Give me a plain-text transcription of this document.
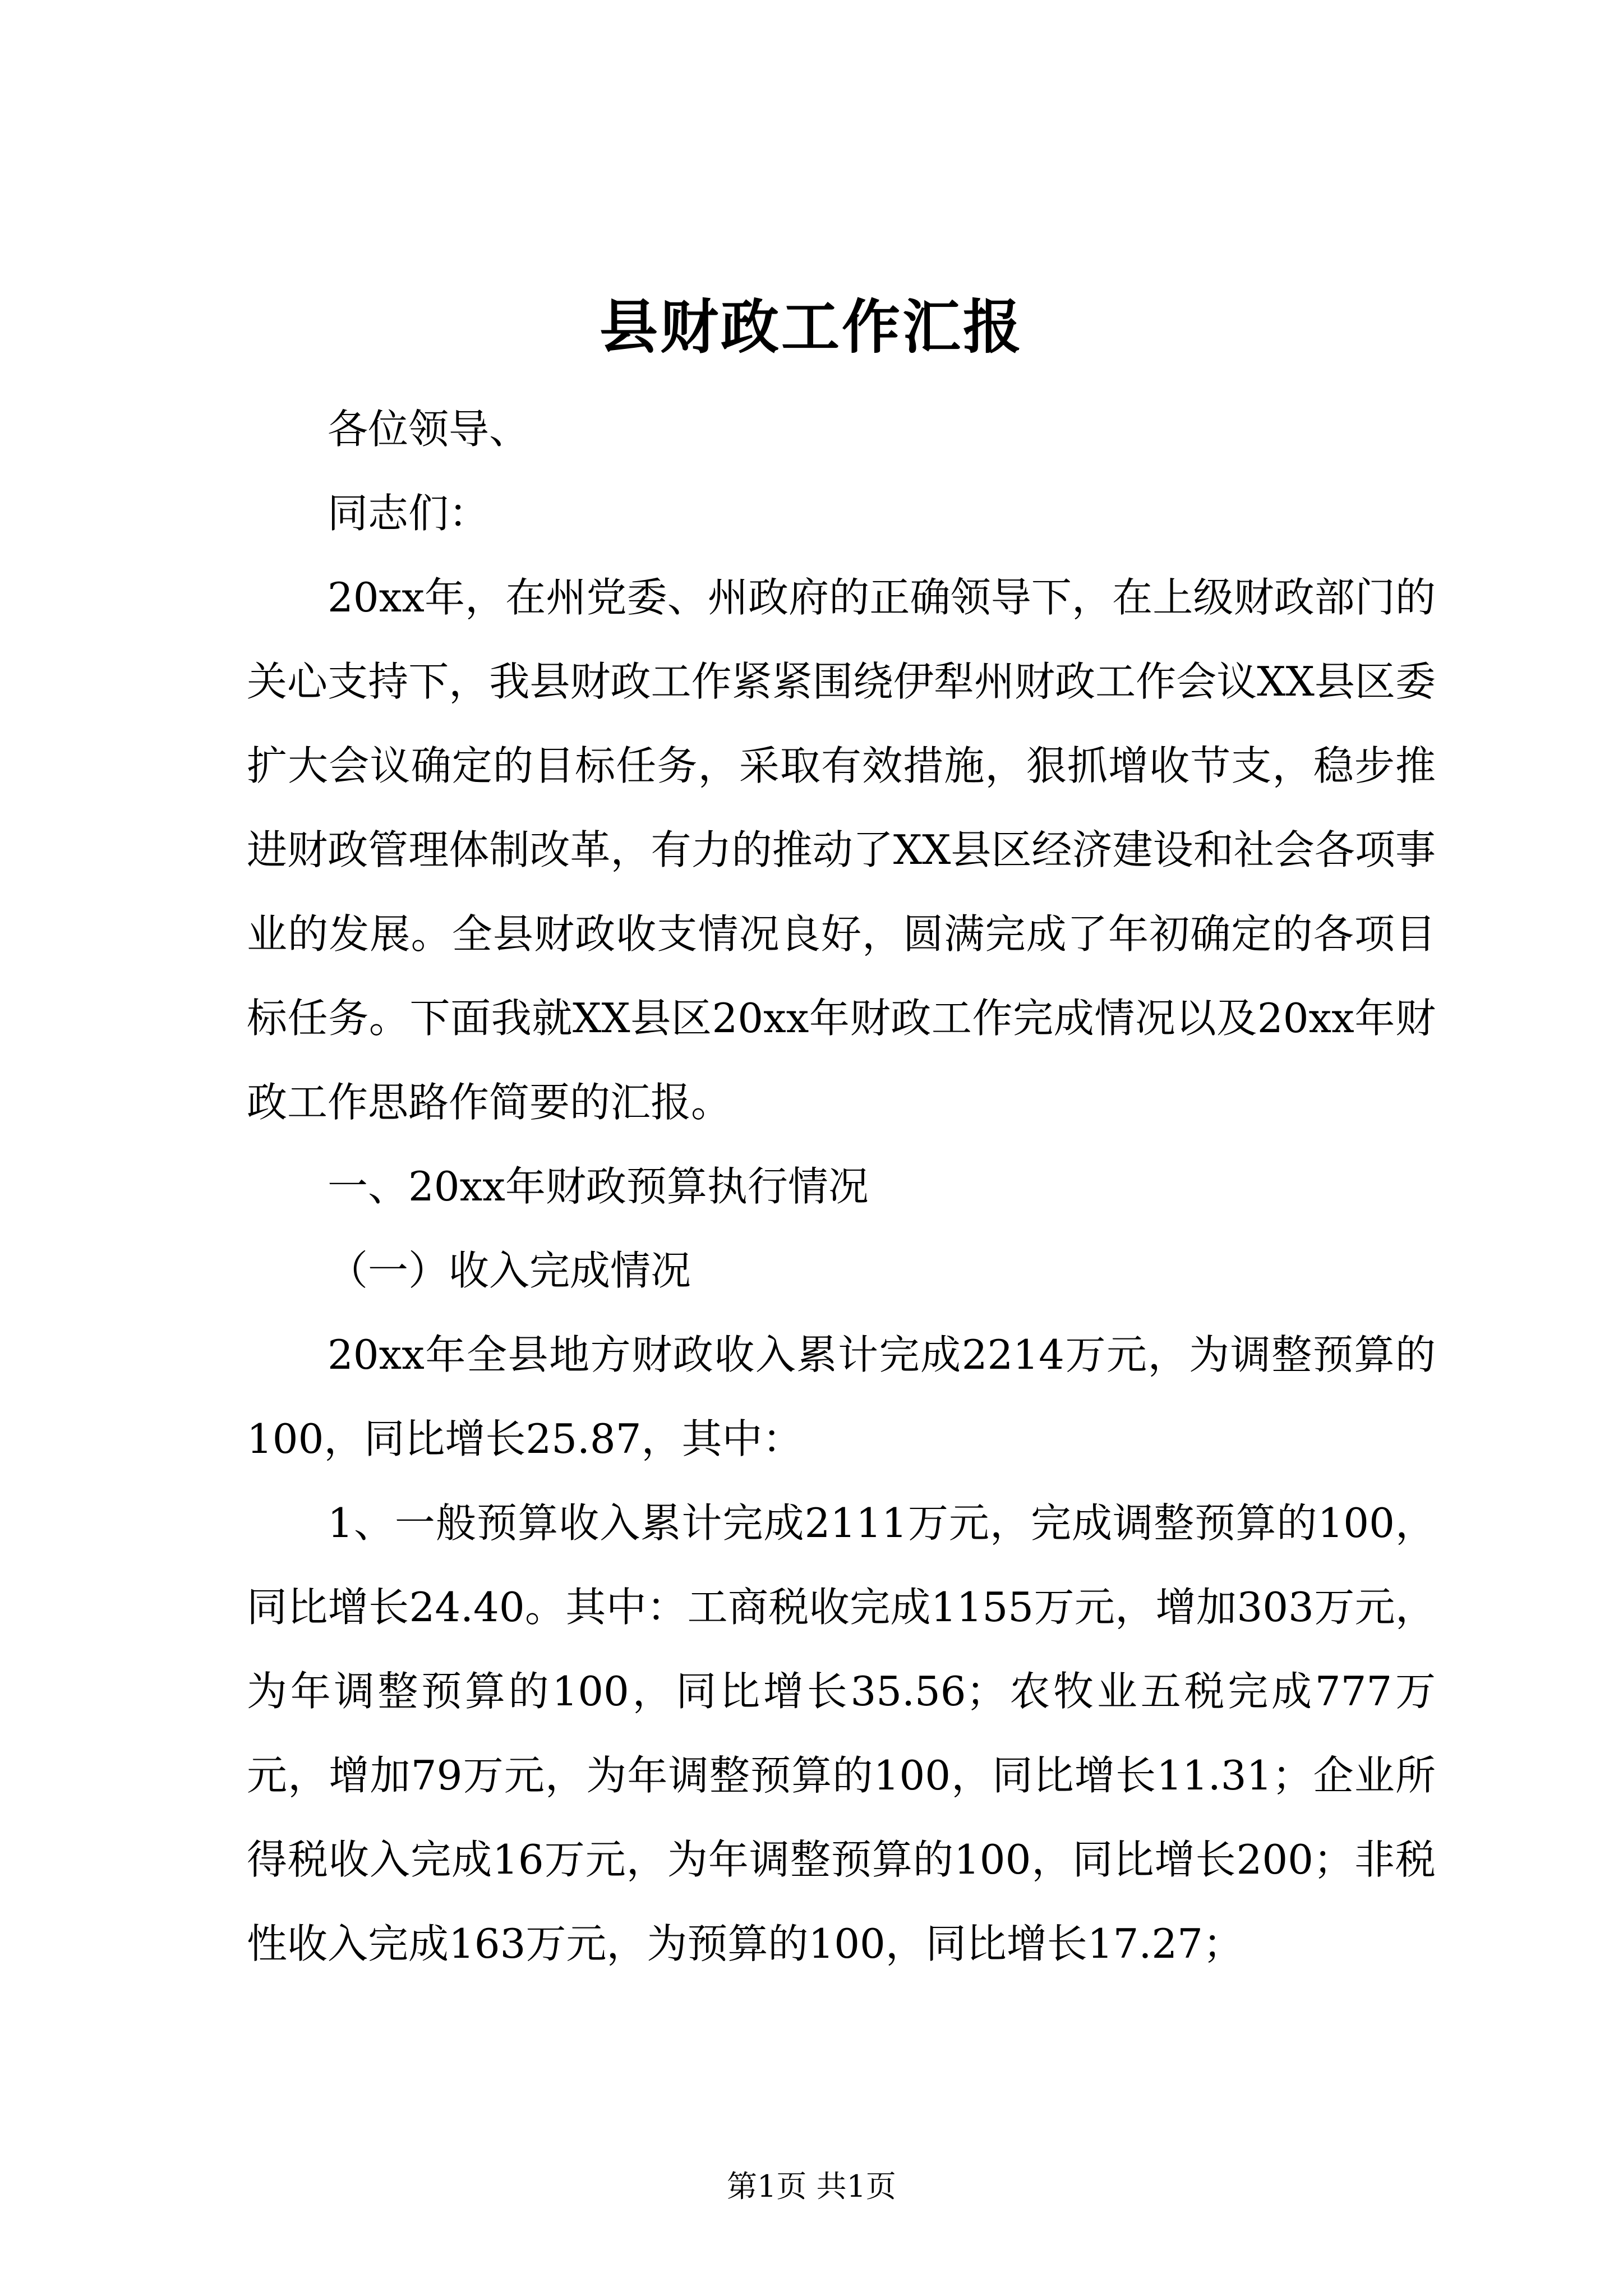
县财政工作汇报

各位领导、

同志们：

20xx年，在州党委、州政府的正确领导下，在上级财政部门的关心支持下，我县财政工作紧紧围绕伊犁州财政工作会议XX县区委扩大会议确定的目标任务，采取有效措施，狠抓增收节支，稳步推进财政管理体制改革，有力的推动了XX县区经济建设和社会各项事业的发展。全县财政收支情况良好，圆满完成了年初确定的各项目标任务。下面我就XX县区20xx年财政工作完成情况以及20xx年财政工作思路作简要的汇报。

一、20xx年财政预算执行情况

（一）收入完成情况

20xx年全县地方财政收入累计完成2214万元，为调整预算的100，同比增长25.87，其中：

1、一般预算收入累计完成2111万元，完成调整预算的100，同比增长24.40。其中：工商税收完成1155万元，增加303万元，为年调整预算的100，同比增长35.56；农牧业五税完成777万元，增加79万元，为年调整预算的100，同比增长11.31；企业所得税收入完成16万元，为年调整预算的100，同比增长200；非税性收入完成163万元，为预算的100，同比增长17.27；

第1页 共1页
